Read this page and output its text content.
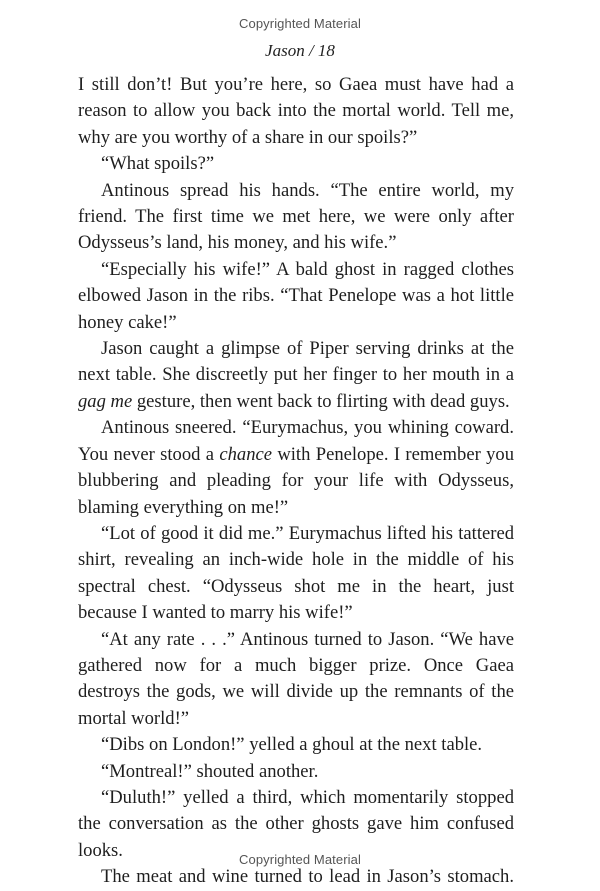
Copyrighted Material
Jason / 18

I still don’t! But you’re here, so Gaea must have had a reason to allow you back into the mortal world. Tell me, why are you worthy of a share in our spoils?”

“What spoils?”

Antinous spread his hands. “The entire world, my friend. The first time we met here, we were only after Odysseus’s land, his money, and his wife.”

“Especially his wife!” A bald ghost in ragged clothes elbowed Jason in the ribs. “That Penelope was a hot little honey cake!”

Jason caught a glimpse of Piper serving drinks at the next table. She discreetly put her finger to her mouth in a gag me gesture, then went back to flirting with dead guys.

Antinous sneered. “Eurymachus, you whining coward. You never stood a chance with Penelope. I remember you blubbering and pleading for your life with Odysseus, blaming everything on me!”

“Lot of good it did me.” Eurymachus lifted his tattered shirt, revealing an inch-wide hole in the middle of his spectral chest. “Odysseus shot me in the heart, just because I wanted to marry his wife!”

“At any rate . . .” Antinous turned to Jason. “We have gathered now for a much bigger prize. Once Gaea destroys the gods, we will divide up the remnants of the mortal world!”

“Dibs on London!” yelled a ghoul at the next table.

“Montreal!” shouted another.

“Duluth!” yelled a third, which momentarily stopped the conversation as the other ghosts gave him confused looks.

The meat and wine turned to lead in Jason’s stomach.

Copyrighted Material
